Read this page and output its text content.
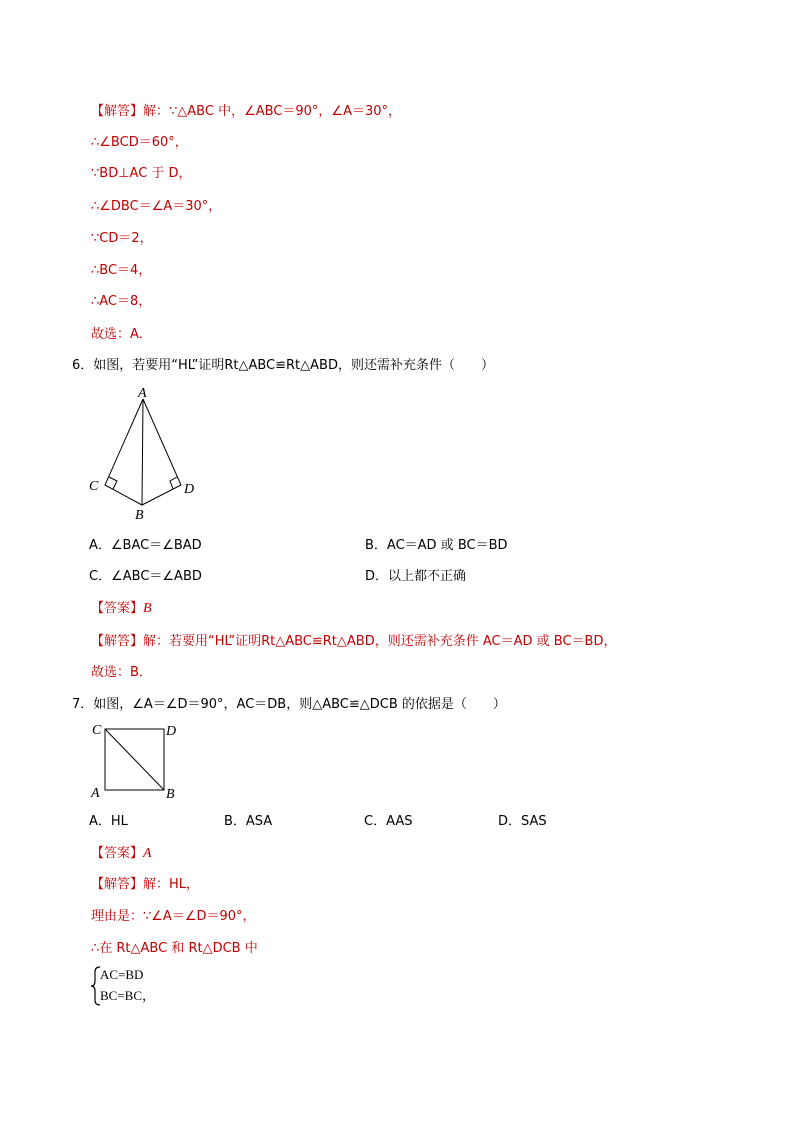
【解答】解：∵△ABC 中，∠ABC＝90°，∠A＝30°，
∴∠BCD＝60°，
∵BD⊥AC 于 D，
∴∠DBC＝∠A＝30°，
∵CD＝2，
∴BC＝4，
∴AC＝8，
故选：A．
6．如图，若要用“HL”证明Rt△ABC≌Rt△ABD，则还需补充条件（　　）
A
C
B
D
A．∠BAC＝∠BAD	B．AC＝AD 或 BC＝BD
C．∠ABC＝∠ABD	D．以上都不正确
【答案】B
【解答】解：若要用“HL”证明Rt△ABC≌Rt△ABD，则还需补充条件 AC＝AD 或 BC＝BD，
故选：B．
7．如图，∠A＝∠D＝90°，AC＝DB，则△ABC≌△DCB 的依据是（　　）
C	D
A	B
A．HL	B．ASA	C．AAS	D．SAS
【答案】A
【解答】解：HL，
理由是：∵∠A＝∠D＝90°，
∴在 Rt△ABC 和 Rt△DCB 中
AC=BD
BC=BC，
